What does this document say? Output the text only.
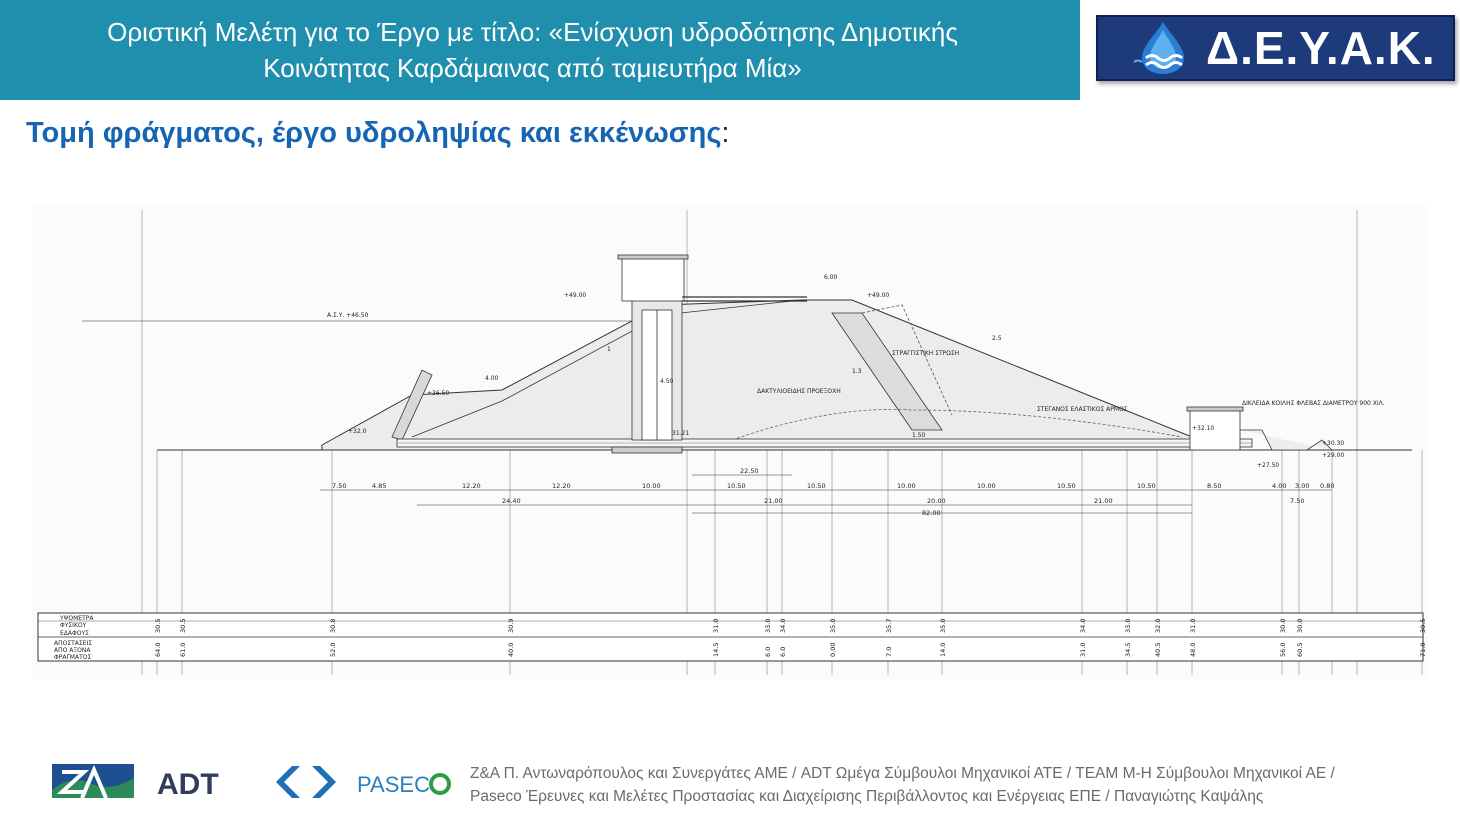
Οριστική Μελέτη για το Έργο με τίτλο: «Ενίσχυση υδροδότησης Δημοτικής
Κοινότητας Καρδάμαινας από ταμιευτήρα Μία»	Δ.Ε.Υ.Α.Κ.
Τομή φράγματος, έργο υδροληψίας και εκκένωσης:
Α.Σ.Υ. +46.50
+49.00	+49.00
6.00
+36.50
+32.0	31.21
+32.10
+30.30
+29.00
+27.50
1
2.5
1.3
ΣΤΡΑΓΓΙΣΤΙΚΗ ΣΤΡΩΣΗ
ΔΑΚΤΥΛΙΟΕΙΔΗΣ ΠΡΟΕΞΟΧΗ
ΣΤΕΓΑΝΟΣ ΕΛΑΣΤΙΚΟΣ ΑΡΜΟΣ
ΔΙΚΛΕΙΔΑ ΚΟΙΛΗΣ ΦΛΕΒΑΣ ΔΙΑΜΕΤΡΟΥ 900 ΧΙΛ.
4.00	4.50
1.50
22.50
82.00
7.50	4.85	12.20	12.20	10.00	10.50	10.50	10.00	10.00	10.50	10.50	8.50	4.00 3.00 0.80
24.40	21.00	20.00	21.00	7.50
ΥΨΟΜΕΤΡΑ
ΦΥΣΙΚΟΥ
ΕΔΑΦΟΥΣ
ΑΠΟΣΤΑΣΕΙΣ
ΑΠΟ ΑΞΟΝΑ
ΦΡΑΓΜΑΤΟΣ
30.5	30.5	30.8	30.9	31.0	33.0 34.0	35.0	35.7	35.0	34.0	33.0	32.0	31.0	30.0 30.0	30.5
64.0	61.0	52.0	40.0	14.5	6.0 6.0	0.00	7.0	14.0	31.0	34.5	40.5	48.0	56.0 60.5	71.0
ADT	PASEC	Ζ&Α Π. Αντωναρόπουλος και Συνεργάτες ΑΜΕ / ADT Ωμέγα Σύμβουλοι Μηχανικοί ΑΤΕ / ΤΕΑΜ Μ-Η Σύμβουλοι Μηχανικοί ΑΕ /
Paseco Έρευνες και Μελέτες Προστασίας και Διαχείρισης Περιβάλλοντος και Ενέργειας ΕΠΕ / Παναγιώτης Καψάλης
